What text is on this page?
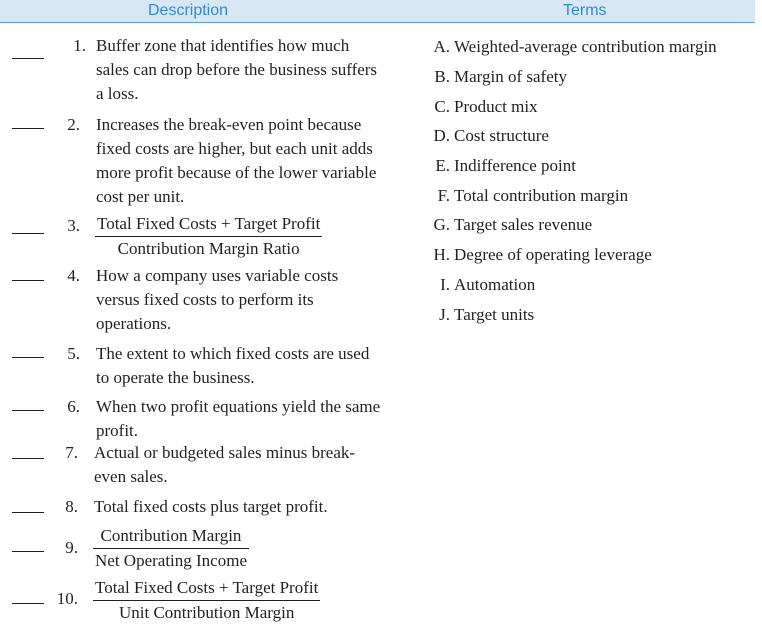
Description	Terms
1. Buffer zone that identifies how much sales can drop before the business suffers a loss.
2. Increases the break-even point because fixed costs are higher, but each unit adds more profit because of the lower variable cost per unit.
3. Total Fixed Costs + Target Profit
Contribution Margin Ratio
4. How a company uses variable costs versus fixed costs to perform its operations.
5. The extent to which fixed costs are used to operate the business.
6. When two profit equations yield the same profit.
7. Actual or budgeted sales minus break-even sales.
8. Total fixed costs plus target profit.
9.
Contribution Margin
Net Operating Income
10.
Total Fixed Costs + Target Profit
Unit Contribution Margin
A. Weighted-average contribution margin
B. Margin of safety
C. Product mix
D. Cost structure
E. Indifference point
F. Total contribution margin
G. Target sales revenue
H. Degree of operating leverage
I. Automation
J. Target units
